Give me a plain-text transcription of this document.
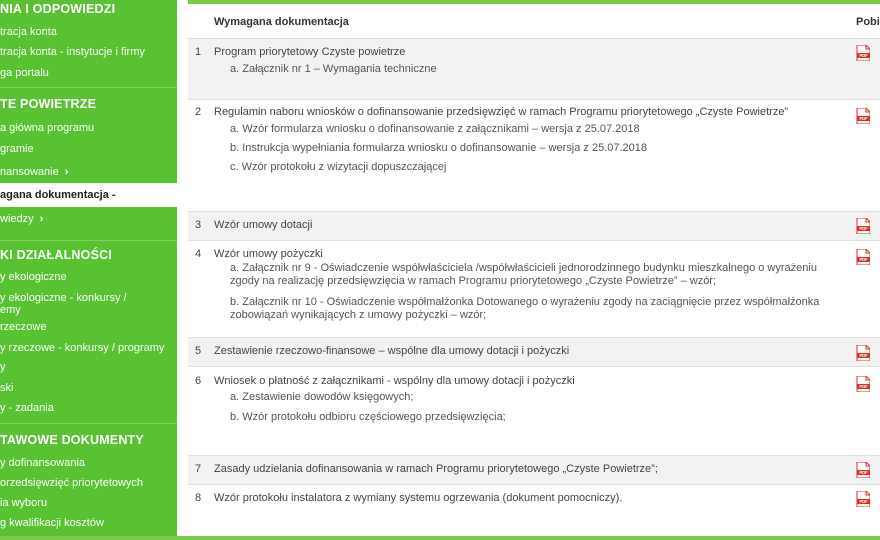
NIA I ODPOWIEDZI
tracja konta
tracja konta - instytucje i firmy
ga portalu
TE POWIETRZE
a główna programu
gramie
nansowanie ›
agana dokumentacja -
wiedzy ›
KI DZIAŁALNOŚCI
y ekologiczne
y ekologiczne - konkursy / emy
rzeczowe
y rzeczowe - konkursy / programy
y
ski
y - zadania
TAWOWE DOKUMENTY
y dofinansowania
orzedsięwzięć priorytetowych
ia wyboru
g kwalifikacji kosztów
Wymagana dokumentacja	Pobi
1 Program priorytetowy Czyste powietrze
a. Załącznik nr 1 – Wymagania techniczne
PDF
2 Regulamin naboru wniosków o dofinansowanie przedsięwzięć w ramach Programu priorytetowego „Czyste Powietrze”
a. Wzór formularza wniosku o dofinansowanie z załącznikami – wersja z 25.07.2018
b. Instrukcja wypełniania formularza wniosku o dofinansowanie – wersja z 25.07.2018
c. Wzór protokołu z wizytacji dopuszczającej
PDF
3 Wzór umowy dotacji	PDF
4 Wzór umowy pożyczki
a. Załącznik nr 9 - Oświadczenie współwłaściciela /współwłaścicieli jednorodzinnego budynku mieszkalnego o wyrażeniu zgody na realizację przedsięwzięcia w ramach Programu priorytetowego „Czyste Powietrze” – wzór;
b. Załącznik nr 10 - Oświadczenie współmałżonka Dotowanego o wyrażeniu zgody na zaciągnięcie przez współmałżonka zobowiązań wynikających z umowy pożyczki – wzór;
PDF
5 Zestawienie rzeczowo-finansowe – wspólne dla umowy dotacji i pożyczki	PDF
6 Wniosek o płatność z załącznikami - wspólny dla umowy dotacji i pożyczki
a. Zestawienie dowodów księgowych;
b. Wzór protokołu odbioru częściowego przedsięwzięcia;
PDF
7 Zasady udzielania dofinansowania w ramach Programu priorytetowego „Czyste Powietrze”;	PDF
8 Wzór protokołu instalatora z wymiany systemu ogrzewania (dokument pomocniczy).	PDF
